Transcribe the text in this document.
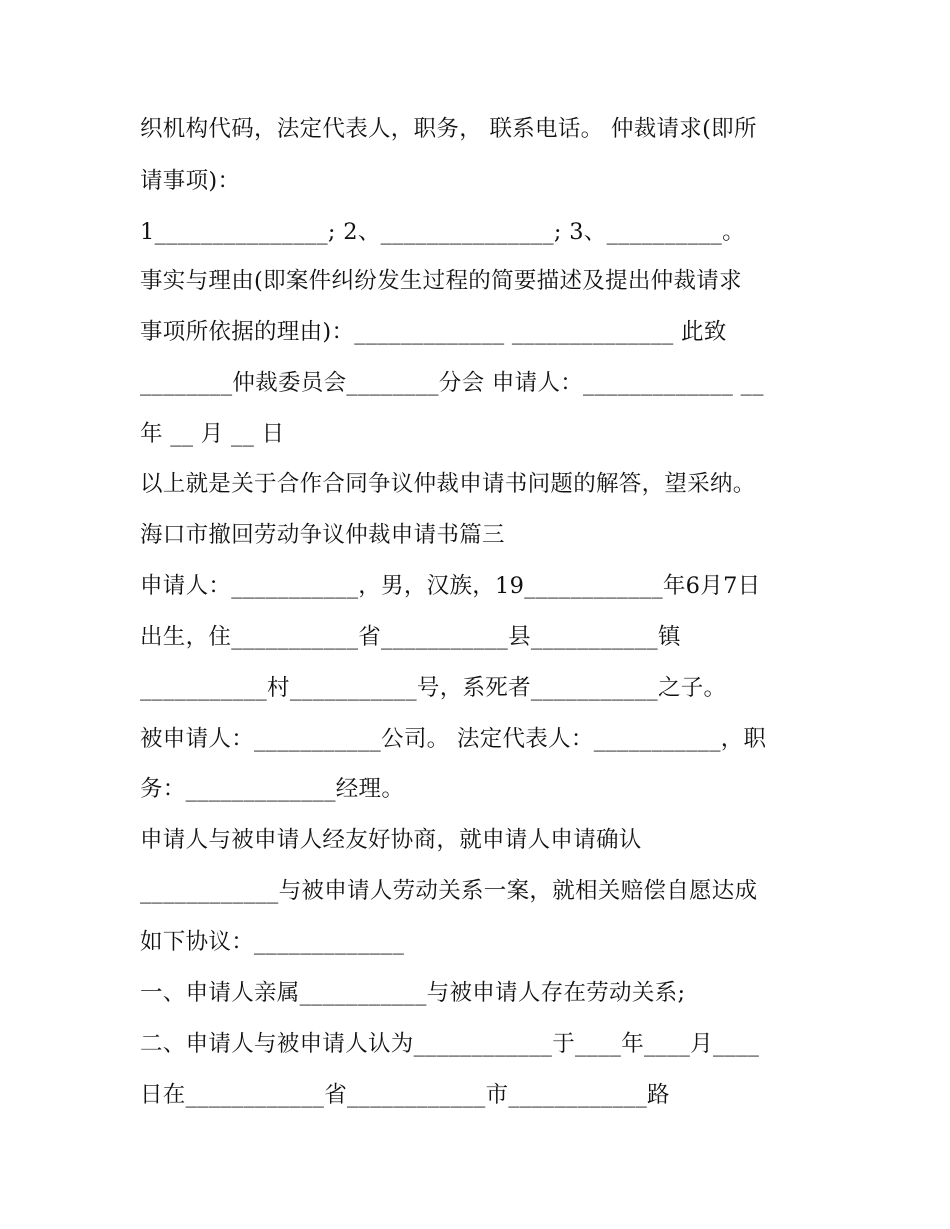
织机构代码，法定代表人，职务， 联系电话。 仲裁请求(即所
请事项)：
1_______________; 2、_______________; 3、__________。
事实与理由(即案件纠纷发生过程的简要描述及提出仲裁请求
事项所依据的理由)：_____________ ______________ 此致
________仲裁委员会________分会 申请人：_____________ __
年 __ 月 __ 日
以上就是关于合作合同争议仲裁申请书问题的解答，望采纳。
海口市撤回劳动争议仲裁申请书篇三
申请人：___________，男，汉族，19____________年6月7日
出生，住___________省___________县___________镇
___________村___________号，系死者___________之子。
被申请人：___________公司。 法定代表人：___________，职
务：_____________经理。
申请人与被申请人经友好协商，就申请人申请确认
____________与被申请人劳动关系一案，就相关赔偿自愿达成
如下协议：_____________
一、申请人亲属___________与被申请人存在劳动关系;
二、申请人与被申请人认为____________于____年____月____
日在____________省____________市____________路
